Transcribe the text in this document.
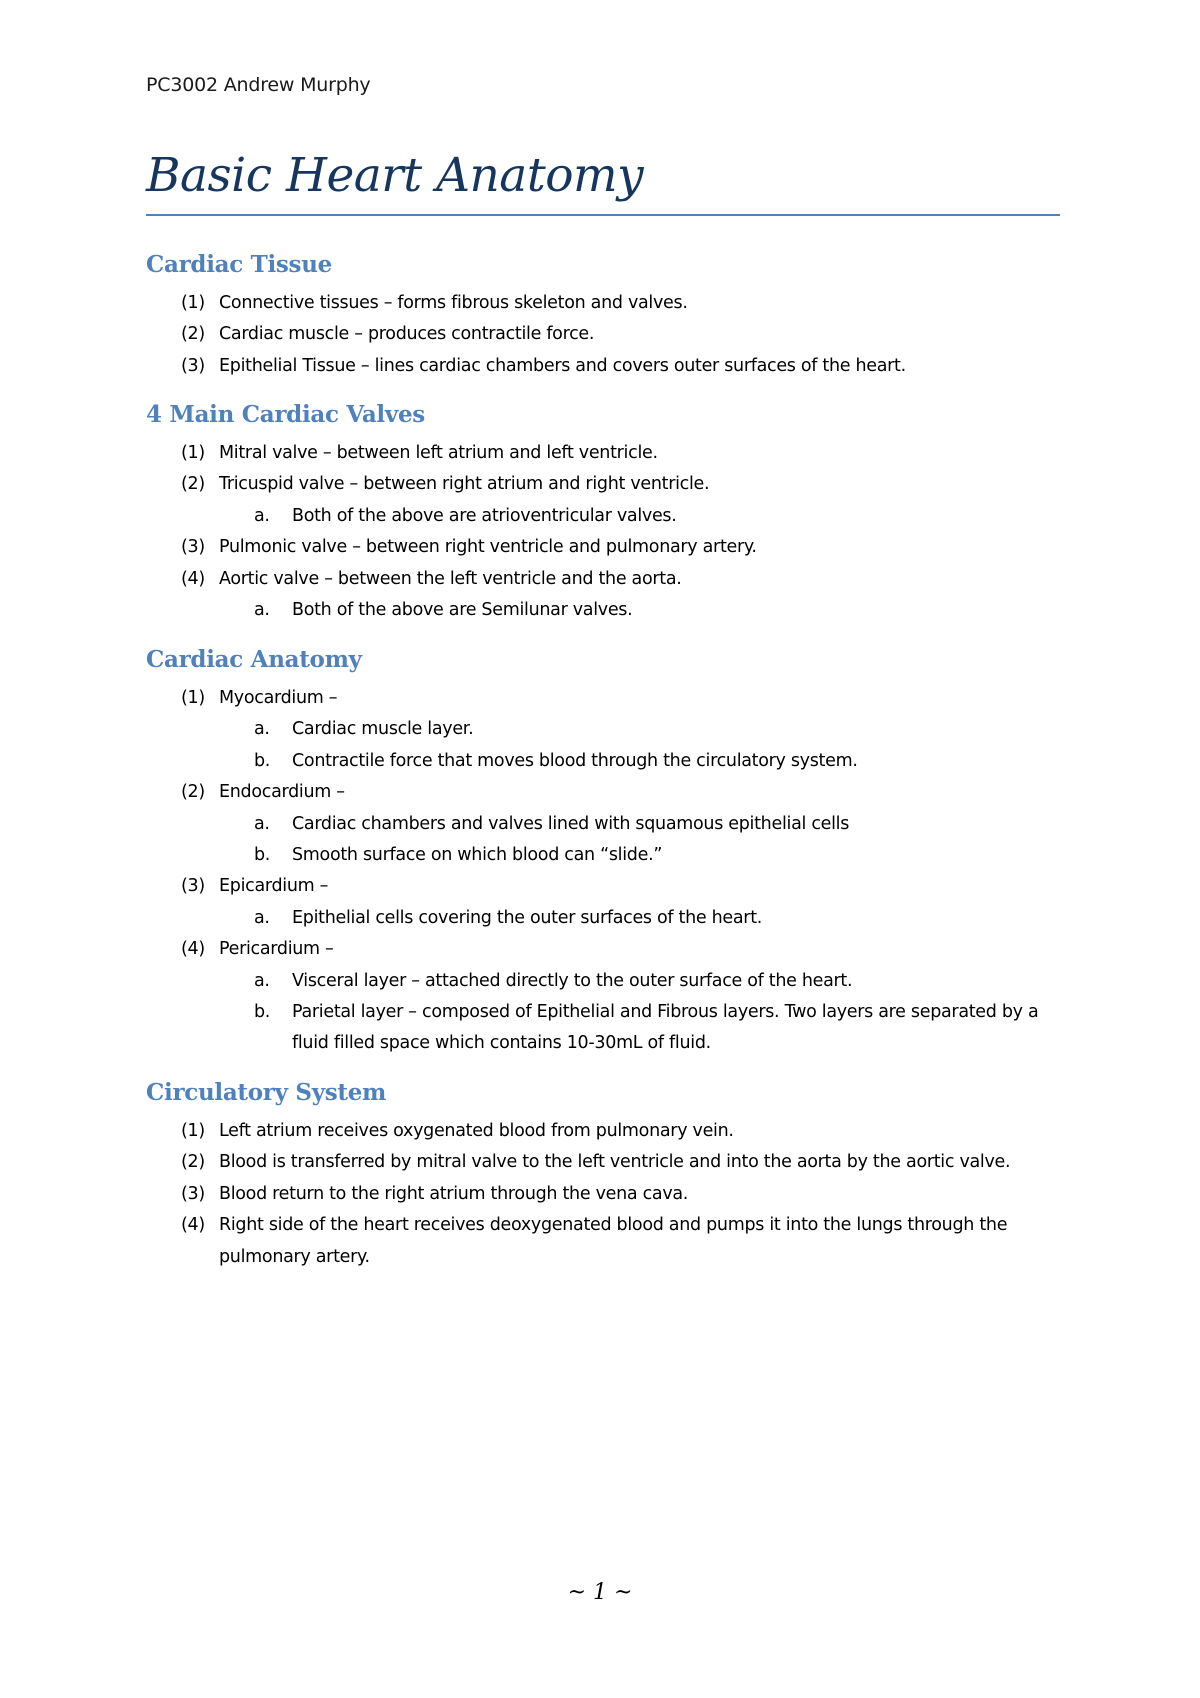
PC3002 Andrew Murphy
Basic Heart Anatomy
Cardiac Tissue
(1) Connective tissues – forms fibrous skeleton and valves.
(2) Cardiac muscle – produces contractile force.
(3) Epithelial Tissue – lines cardiac chambers and covers outer surfaces of the heart.
4 Main Cardiac Valves
(1) Mitral valve – between left atrium and left ventricle.
(2) Tricuspid valve – between right atrium and right ventricle.
a. Both of the above are atrioventricular valves.
(3) Pulmonic valve – between right ventricle and pulmonary artery.
(4) Aortic valve – between the left ventricle and the aorta.
a. Both of the above are Semilunar valves.
Cardiac Anatomy
(1) Myocardium –
a. Cardiac muscle layer.
b. Contractile force that moves blood through the circulatory system.
(2) Endocardium –
a. Cardiac chambers and valves lined with squamous epithelial cells
b. Smooth surface on which blood can “slide.”
(3) Epicardium –
a. Epithelial cells covering the outer surfaces of the heart.
(4) Pericardium –
a. Visceral layer – attached directly to the outer surface of the heart.
b. Parietal layer – composed of Epithelial and Fibrous layers. Two layers are separated by a fluid filled space which contains 10-30mL of fluid.
Circulatory System
(1) Left atrium receives oxygenated blood from pulmonary vein.
(2) Blood is transferred by mitral valve to the left ventricle and into the aorta by the aortic valve.
(3) Blood return to the right atrium through the vena cava.
(4) Right side of the heart receives deoxygenated blood and pumps it into the lungs through the pulmonary artery.
~ 1 ~
